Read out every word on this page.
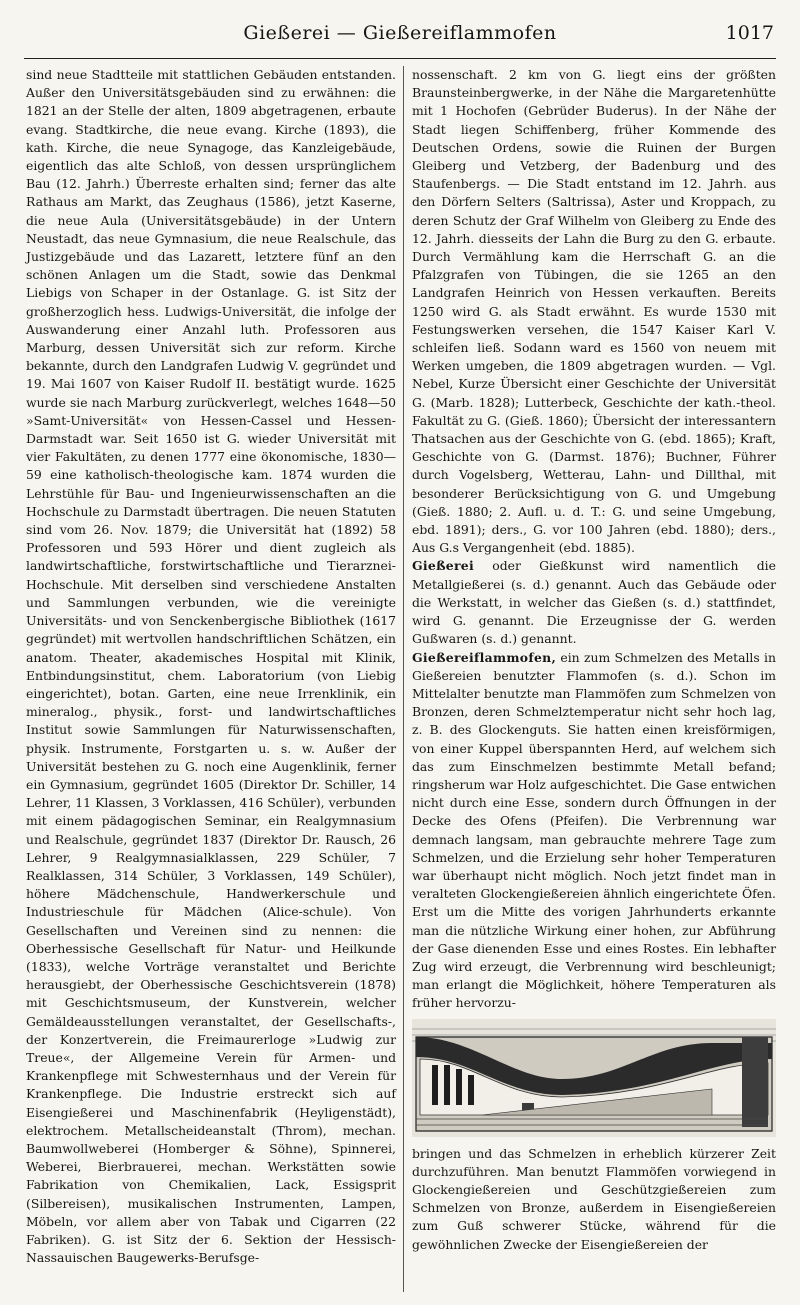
Gießerei — Gießereiflammofen	1017

sind neue Stadtteile mit stattlichen Gebäuden entstanden. Außer den Universitätsgebäuden sind zu erwähnen: die 1821 an der Stelle der alten, 1809 abgetragenen, erbaute evang. Stadtkirche, die neue evang. Kirche (1893), die kath. Kirche, die neue Synagoge, das Kanzleigebäude, eigentlich das alte Schloß, von dessen ursprünglichem Bau (12. Jahrh.) Überreste erhalten sind; ferner das alte Rathaus am Markt, das Zeughaus (1586), jetzt Kaserne, die neue Aula (Universitätsgebäude) in der Untern Neustadt, das neue Gymnasium, die neue Realschule, das Justizgebäude und das Lazarett, letztere fünf an den schönen Anlagen um die Stadt, sowie das Denkmal Liebigs von Schaper in der Ostanlage. G. ist Sitz der großherzoglich hess. Ludwigs-Universität, die infolge der Auswanderung einer Anzahl luth. Professoren aus Marburg, dessen Universität sich zur reform. Kirche bekannte, durch den Landgrafen Ludwig V. gegründet und 19. Mai 1607 von Kaiser Rudolf II. bestätigt wurde. 1625 wurde sie nach Marburg zurückverlegt, welches 1648—50 »Samt-Universität« von Hessen-Cassel und Hessen-Darmstadt war. Seit 1650 ist G. wieder Universität mit vier Fakultäten, zu denen 1777 eine ökonomische, 1830—59 eine katholisch-theologische kam. 1874 wurden die Lehrstühle für Bau- und Ingenieurwissenschaften an die Hochschule zu Darmstadt übertragen. Die neuen Statuten sind vom 26. Nov. 1879; die Universität hat (1892) 58 Professoren und 593 Hörer und dient zugleich als landwirtschaftliche, forstwirtschaftliche und Tierarznei-Hochschule. Mit derselben sind verschiedene Anstalten und Sammlungen verbunden, wie die vereinigte Universitäts- und von Senckenbergische Bibliothek (1617 gegründet) mit wertvollen handschriftlichen Schätzen, ein anatom. Theater, akademisches Hospital mit Klinik, Entbindungsinstitut, chem. Laboratorium (von Liebig eingerichtet), botan. Garten, eine neue Irrenklinik, ein mineralog., physik., forst- und landwirtschaftliches Institut sowie Sammlungen für Naturwissenschaften, physik. Instrumente, Forstgarten u. s. w. Außer der Universität bestehen zu G. noch eine Augenklinik, ferner ein Gymnasium, gegründet 1605 (Direktor Dr. Schiller, 14 Lehrer, 11 Klassen, 3 Vorklassen, 416 Schüler), verbunden mit einem pädagogischen Seminar, ein Realgymnasium und Realschule, gegründet 1837 (Direktor Dr. Rausch, 26 Lehrer, 9 Realgymnasialklassen, 229 Schüler, 7 Realklassen, 314 Schüler, 3 Vorklassen, 149 Schüler), höhere Mädchenschule, Handwerkerschule und Industrieschule für Mädchen (Alice-schule). Von Gesellschaften und Vereinen sind zu nennen: die Oberhessische Gesellschaft für Natur- und Heilkunde (1833), welche Vorträge veranstaltet und Berichte herausgiebt, der Oberhessische Geschichtsverein (1878) mit Geschichtsmuseum, der Kunstverein, welcher Gemäldeausstellungen veranstaltet, der Gesellschafts-, der Konzertverein, die Freimaurerloge »Ludwig zur Treue«, der Allgemeine Verein für Armen- und Krankenpflege mit Schwesternhaus und der Verein für Krankenpflege. Die Industrie erstreckt sich auf Eisengießerei und Maschinenfabrik (Heyligenstädt), elektrochem. Metallscheideanstalt (Throm), mechan. Baumwollweberei (Homberger & Söhne), Spinnerei, Weberei, Bierbrauerei, mechan. Werkstätten sowie Fabrikation von Chemikalien, Lack, Essigsprit (Silbereisen), musikalischen Instrumenten, Lampen, Möbeln, vor allem aber von Tabak und Cigarren (22 Fabriken). G. ist Sitz der 6. Sektion der Hessisch-Nassauischen Baugewerks-Berufsge-

nossenschaft. 2 km von G. liegt eins der größten Braunsteinbergwerke, in der Nähe die Margaretenhütte mit 1 Hochofen (Gebrüder Buderus). In der Nähe der Stadt liegen Schiffenberg, früher Kommende des Deutschen Ordens, sowie die Ruinen der Burgen Gleiberg und Vetzberg, der Badenburg und des Staufenbergs. — Die Stadt entstand im 12. Jahrh. aus den Dörfern Selters (Saltrissa), Aster und Kroppach, zu deren Schutz der Graf Wilhelm von Gleiberg zu Ende des 12. Jahrh. diesseits der Lahn die Burg zu den G. erbaute. Durch Vermählung kam die Herrschaft G. an die Pfalzgrafen von Tübingen, die sie 1265 an den Landgrafen Heinrich von Hessen verkauften. Bereits 1250 wird G. als Stadt erwähnt. Es wurde 1530 mit Festungswerken versehen, die 1547 Kaiser Karl V. schleifen ließ. Sodann ward es 1560 von neuem mit Werken umgeben, die 1809 abgetragen wurden. — Vgl. Nebel, Kurze Übersicht einer Geschichte der Universität G. (Marb. 1828); Lutterbeck, Geschichte der kath.-theol. Fakultät zu G. (Gieß. 1860); Übersicht der interessantern Thatsachen aus der Geschichte von G. (ebd. 1865); Kraft, Geschichte von G. (Darmst. 1876); Buchner, Führer durch Vogelsberg, Wetterau, Lahn- und Dillthal, mit besonderer Berücksichtigung von G. und Umgebung (Gieß. 1880; 2. Aufl. u. d. T.: G. und seine Umgebung, ebd. 1891); ders., G. vor 100 Jahren (ebd. 1880); ders., Aus G.s Vergangenheit (ebd. 1885).

Gießerei oder Gießkunst wird namentlich die Metallgießerei (s. d.) genannt. Auch das Gebäude oder die Werkstatt, in welcher das Gießen (s. d.) stattfindet, wird G. genannt. Die Erzeugnisse der G. werden Gußwaren (s. d.) genannt.

Gießereiflammofen, ein zum Schmelzen des Metalls in Gießereien benutzter Flammofen (s. d.). Schon im Mittelalter benutzte man Flammöfen zum Schmelzen von Bronzen, deren Schmelztemperatur nicht sehr hoch lag, z. B. des Glockenguts. Sie hatten einen kreisförmigen, von einer Kuppel überspannten Herd, auf welchem sich das zum Einschmelzen bestimmte Metall befand; ringsherum war Holz aufgeschichtet. Die Gase entwichen nicht durch eine Esse, sondern durch Öffnungen in der Decke des Ofens (Pfeifen). Die Verbrennung war demnach langsam, man gebrauchte mehrere Tage zum Schmelzen, und die Erzielung sehr hoher Temperaturen war überhaupt nicht möglich. Noch jetzt findet man in veralteten Glockengießereien ähnlich eingerichtete Öfen. Erst um die Mitte des vorigen Jahrhunderts erkannte man die nützliche Wirkung einer hohen, zur Abführung der Gase dienenden Esse und eines Rostes. Ein lebhafter Zug wird erzeugt, die Verbrennung wird beschleunigt; man erlangt die Möglichkeit, höhere Temperaturen als früher hervorzu-

bringen und das Schmelzen in erheblich kürzerer Zeit durchzuführen. Man benutzt Flammöfen vorwiegend in Glockengießereien und Geschützgießereien zum Schmelzen von Bronze, außerdem in Eisengießereien zum Guß schwerer Stücke, während für die gewöhnlichen Zwecke der Eisengießereien der
